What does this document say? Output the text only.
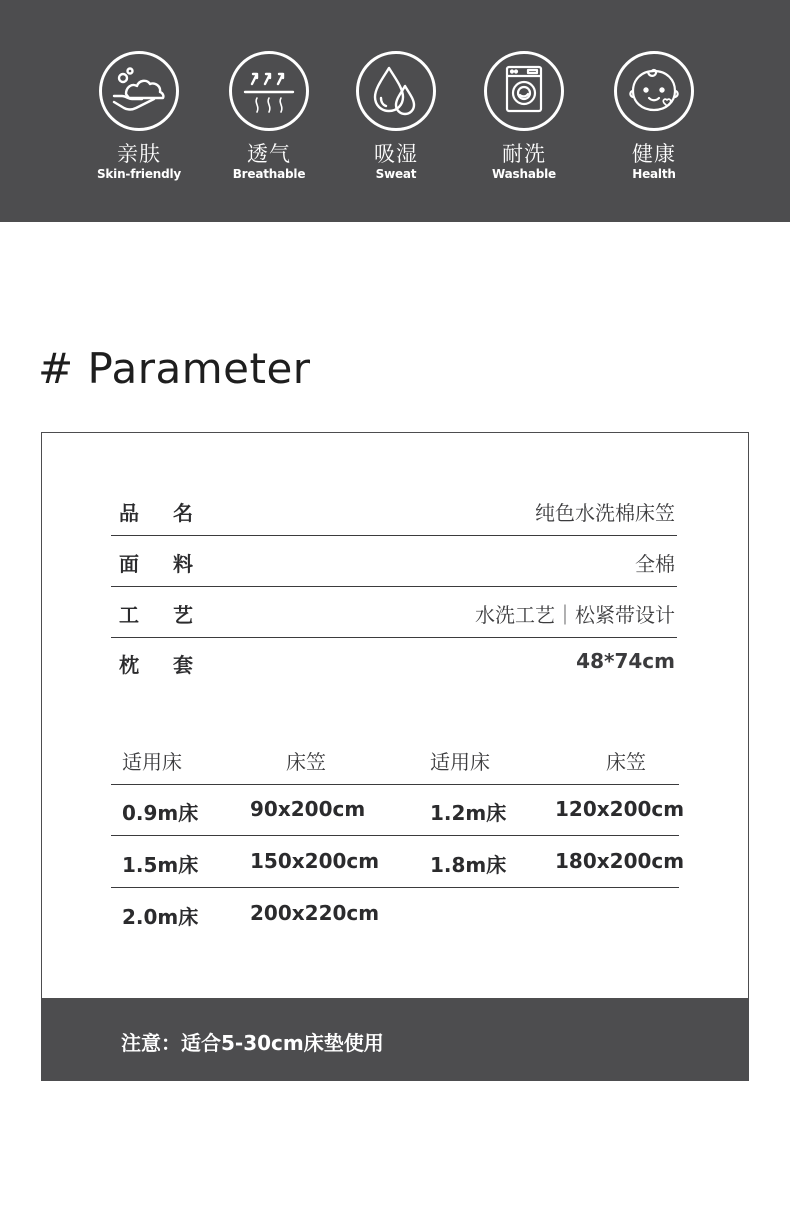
亲肤
Skin-friendly
透气
Breathable
吸湿
Sweat
耐洗
Washable
健康
Health
# Parameter
品名	纯色水洗棉床笠
面料	全棉
工艺	水洗工艺｜松紧带设计
枕套	48*74cm
适用床	床笠	适用床	床笠
0.9m床	90x200cm	1.2m床 120x200cm
1.5m床	150x200cm	1.8m床 180x200cm
2.0m床	200x220cm
注意：适合5-30cm床垫使用
